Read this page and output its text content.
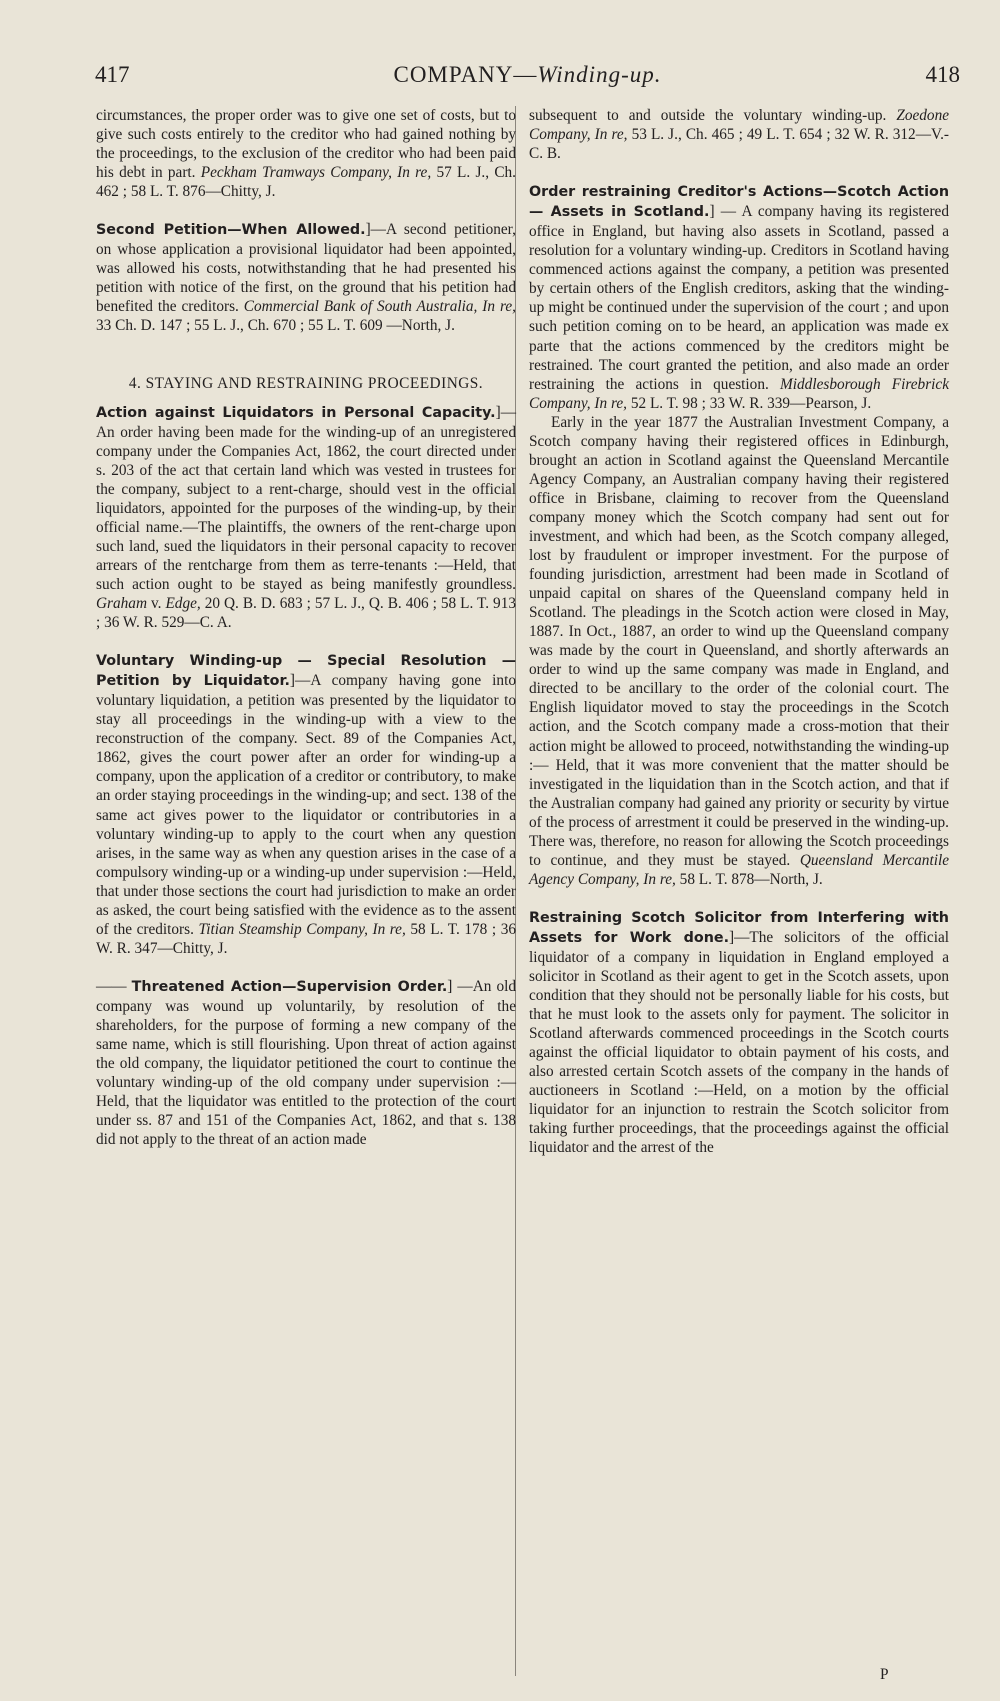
417	COMPANY—Winding-up.	418

circumstances, the proper order was to give one set of costs, but to give such costs entirely to the creditor who had gained nothing by the proceedings, to the exclusion of the creditor who had been paid his debt in part. Peckham Tramways Company, In re, 57 L. J., Ch. 462 ; 58 L. T. 876—Chitty, J.

Second Petition—When Allowed.]—A second petitioner, on whose application a provisional liquidator had been appointed, was allowed his costs, notwithstanding that he had presented his petition with notice of the first, on the ground that his petition had benefited the creditors. Commercial Bank of South Australia, In re, 33 Ch. D. 147 ; 55 L. J., Ch. 670 ; 55 L. T. 609 —North, J.

4. STAYING AND RESTRAINING PROCEEDINGS.

Action against Liquidators in Personal Capacity.]—An order having been made for the winding-up of an unregistered company under the Companies Act, 1862, the court directed under s. 203 of the act that certain land which was vested in trustees for the company, subject to a rent-charge, should vest in the official liquidators, appointed for the purposes of the winding-up, by their official name.—The plaintiffs, the owners of the rent-charge upon such land, sued the liquidators in their personal capacity to recover arrears of the rentcharge from them as terre-tenants :—Held, that such action ought to be stayed as being manifestly groundless. Graham v. Edge, 20 Q. B. D. 683 ; 57 L. J., Q. B. 406 ; 58 L. T. 913 ; 36 W. R. 529—C. A.

Voluntary Winding-up — Special Resolution —Petition by Liquidator.]—A company having gone into voluntary liquidation, a petition was presented by the liquidator to stay all proceedings in the winding-up with a view to the reconstruction of the company. Sect. 89 of the Companies Act, 1862, gives the court power after an order for winding-up a company, upon the application of a creditor or contributory, to make an order staying proceedings in the winding-up; and sect. 138 of the same act gives power to the liquidator or contributories in a voluntary winding-up to apply to the court when any question arises, in the same way as when any question arises in the case of a compulsory winding-up or a winding-up under supervision :—Held, that under those sections the court had jurisdiction to make an order as asked, the court being satisfied with the evidence as to the assent of the creditors. Titian Steamship Company, In re, 58 L. T. 178 ; 36 W. R. 347—Chitty, J.

—— Threatened Action—Supervision Order.] —An old company was wound up voluntarily, by resolution of the shareholders, for the purpose of forming a new company of the same name, which is still flourishing. Upon threat of action against the old company, the liquidator petitioned the court to continue the voluntary winding-up of the old company under supervision :—Held, that the liquidator was entitled to the protection of the court under ss. 87 and 151 of the Companies Act, 1862, and that s. 138 did not apply to the threat of an action made

subsequent to and outside the voluntary winding-up. Zoedone Company, In re, 53 L. J., Ch. 465 ; 49 L. T. 654 ; 32 W. R. 312—V.-C. B.

Order restraining Creditor's Actions—Scotch Action — Assets in Scotland.] — A company having its registered office in England, but having also assets in Scotland, passed a resolution for a voluntary winding-up. Creditors in Scotland having commenced actions against the company, a petition was presented by certain others of the English creditors, asking that the winding-up might be continued under the supervision of the court ; and upon such petition coming on to be heard, an application was made ex parte that the actions commenced by the creditors might be restrained. The court granted the petition, and also made an order restraining the actions in question. Middlesborough Firebrick Company, In re, 52 L. T. 98 ; 33 W. R. 339—Pearson, J.

Early in the year 1877 the Australian Investment Company, a Scotch company having their registered offices in Edinburgh, brought an action in Scotland against the Queensland Mercantile Agency Company, an Australian company having their registered office in Brisbane, claiming to recover from the Queensland company money which the Scotch company had sent out for investment, and which had been, as the Scotch company alleged, lost by fraudulent or improper investment. For the purpose of founding jurisdiction, arrestment had been made in Scotland of unpaid capital on shares of the Queensland company held in Scotland. The pleadings in the Scotch action were closed in May, 1887. In Oct., 1887, an order to wind up the Queensland company was made by the court in Queensland, and shortly afterwards an order to wind up the same company was made in England, and directed to be ancillary to the order of the colonial court. The English liquidator moved to stay the proceedings in the Scotch action, and the Scotch company made a cross-motion that their action might be allowed to proceed, notwithstanding the winding-up :— Held, that it was more convenient that the matter should be investigated in the liquidation than in the Scotch action, and that if the Australian company had gained any priority or security by virtue of the process of arrestment it could be preserved in the winding-up. There was, therefore, no reason for allowing the Scotch proceedings to continue, and they must be stayed. Queensland Mercantile Agency Company, In re, 58 L. T. 878—North, J.

Restraining Scotch Solicitor from Interfering with Assets for Work done.]—The solicitors of the official liquidator of a company in liquidation in England employed a solicitor in Scotland as their agent to get in the Scotch assets, upon condition that they should not be personally liable for his costs, but that he must look to the assets only for payment. The solicitor in Scotland afterwards commenced proceedings in the Scotch courts against the official liquidator to obtain payment of his costs, and also arrested certain Scotch assets of the company in the hands of auctioneers in Scotland :—Held, on a motion by the official liquidator for an injunction to restrain the Scotch solicitor from taking further proceedings, that the proceedings against the official liquidator and the arrest of the

P
